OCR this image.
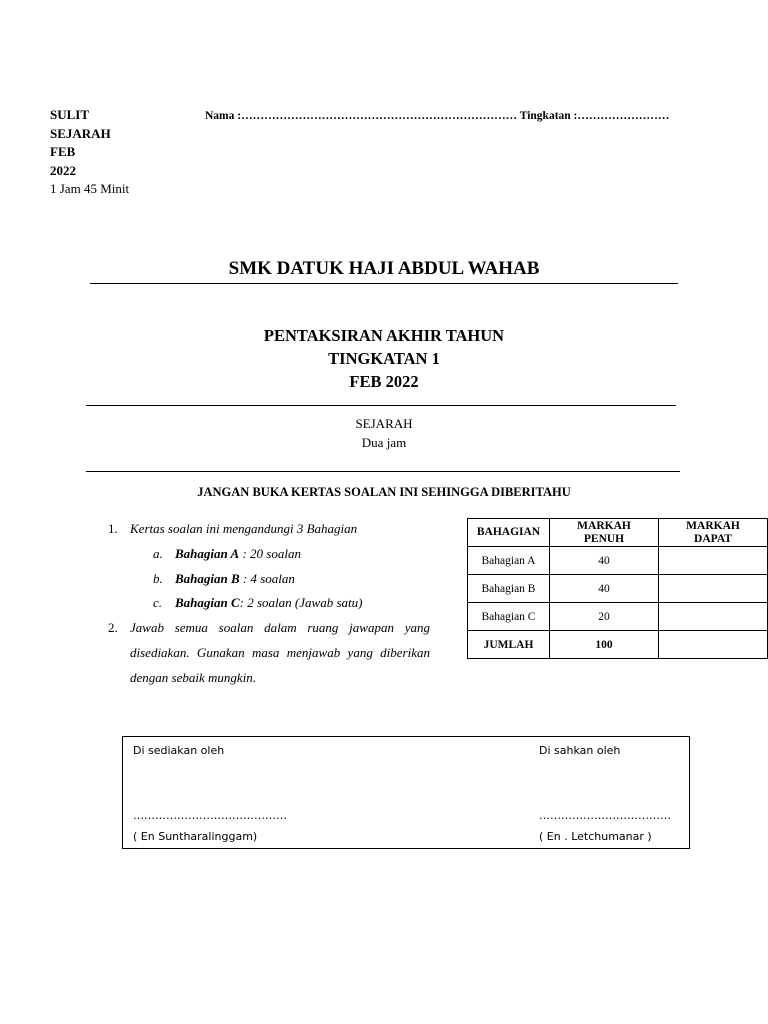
SULIT
SEJARAH
FEB
2022
1 Jam 45 Minit
Nama :……………………………………………………………… Tingkatan :……………………
SMK DATUK HAJI ABDUL WAHAB
PENTAKSIRAN AKHIR TAHUN
TINGKATAN 1
FEB 2022
SEJARAH
Dua jam
JANGAN BUKA KERTAS SOALAN INI SEHINGGA DIBERITAHU
1. Kertas soalan ini mengandungi 3 Bahagian
a. Bahagian A : 20 soalan
b. Bahagian B : 4 soalan
c. Bahagian C: 2 soalan (Jawab satu)
2. Jawab semua soalan dalam ruang jawapan yang
disediakan. Gunakan masa menjawab yang diberikan
dengan sebaik mungkin.
BAHAGIAN	MARKAH PENUH	MARKAH DAPAT
Bahagian A	40	
Bahagian B	40	
Bahagian C	20	
JUMLAH	100	
Di sediakan oleh
……………………………………
( En Suntharalinggam)
Di sahkan oleh
………………………………
( En . Letchumanar )
